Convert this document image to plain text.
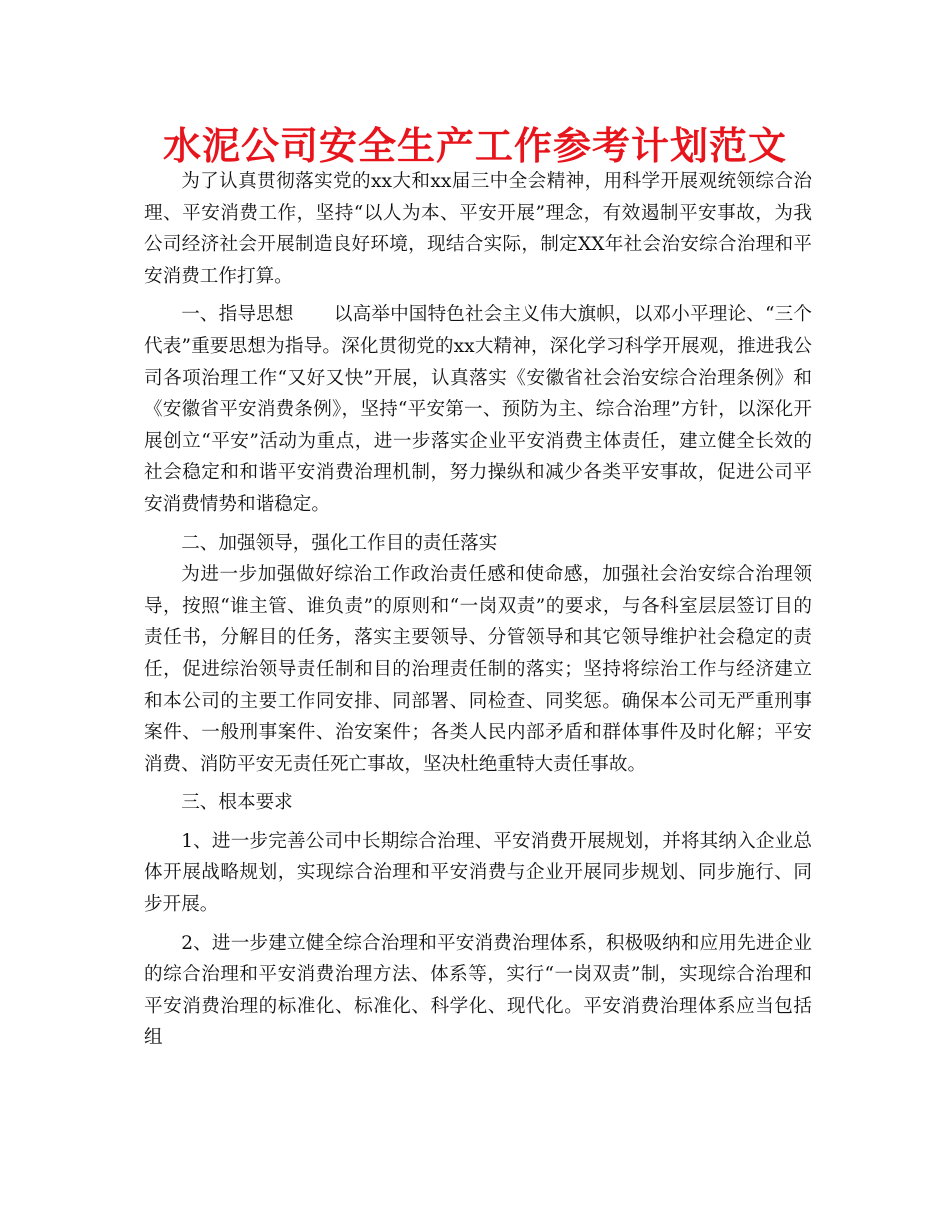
水泥公司安全生产工作参考计划范文

为了认真贯彻落实党的xx大和xx届三中全会精神，用科学开展观统领综合治理、平安消费工作，坚持“以人为本、平安开展”理念，有效遏制平安事故，为我公司经济社会开展制造良好环境，现结合实际，制定XX年社会治安综合治理和平安消费工作打算。

一、指导思想 以高举中国特色社会主义伟大旗帜，以邓小平理论、“三个代表”重要思想为指导。深化贯彻党的xx大精神，深化学习科学开展观，推进我公司各项治理工作“又好又快”开展，认真落实《安徽省社会治安综合治理条例》和《安徽省平安消费条例》，坚持“平安第一、预防为主、综合治理”方针，以深化开展创立“平安”活动为重点，进一步落实企业平安消费主体责任，建立健全长效的社会稳定和和谐平安消费治理机制，努力操纵和减少各类平安事故，促进公司平安消费情势和谐稳定。

二、加强领导，强化工作目的责任落实

为进一步加强做好综治工作政治责任感和使命感，加强社会治安综合治理领导，按照“谁主管、谁负责”的原则和“一岗双责”的要求，与各科室层层签订目的责任书，分解目的任务，落实主要领导、分管领导和其它领导维护社会稳定的责任，促进综治领导责任制和目的治理责任制的落实；坚持将综治工作与经济建立和本公司的主要工作同安排、同部署、同检查、同奖惩。确保本公司无严重刑事案件、一般刑事案件、治安案件；各类人民内部矛盾和群体事件及时化解；平安消费、消防平安无责任死亡事故，坚决杜绝重特大责任事故。

三、根本要求

1、进一步完善公司中长期综合治理、平安消费开展规划，并将其纳入企业总体开展战略规划，实现综合治理和平安消费与企业开展同步规划、同步施行、同步开展。

2、进一步建立健全综合治理和平安消费治理体系，积极吸纳和应用先进企业的综合治理和平安消费治理方法、体系等，实行“一岗双责”制，实现综合治理和平安消费治理的标准化、标准化、科学化、现代化。平安消费治理体系应当包括组
